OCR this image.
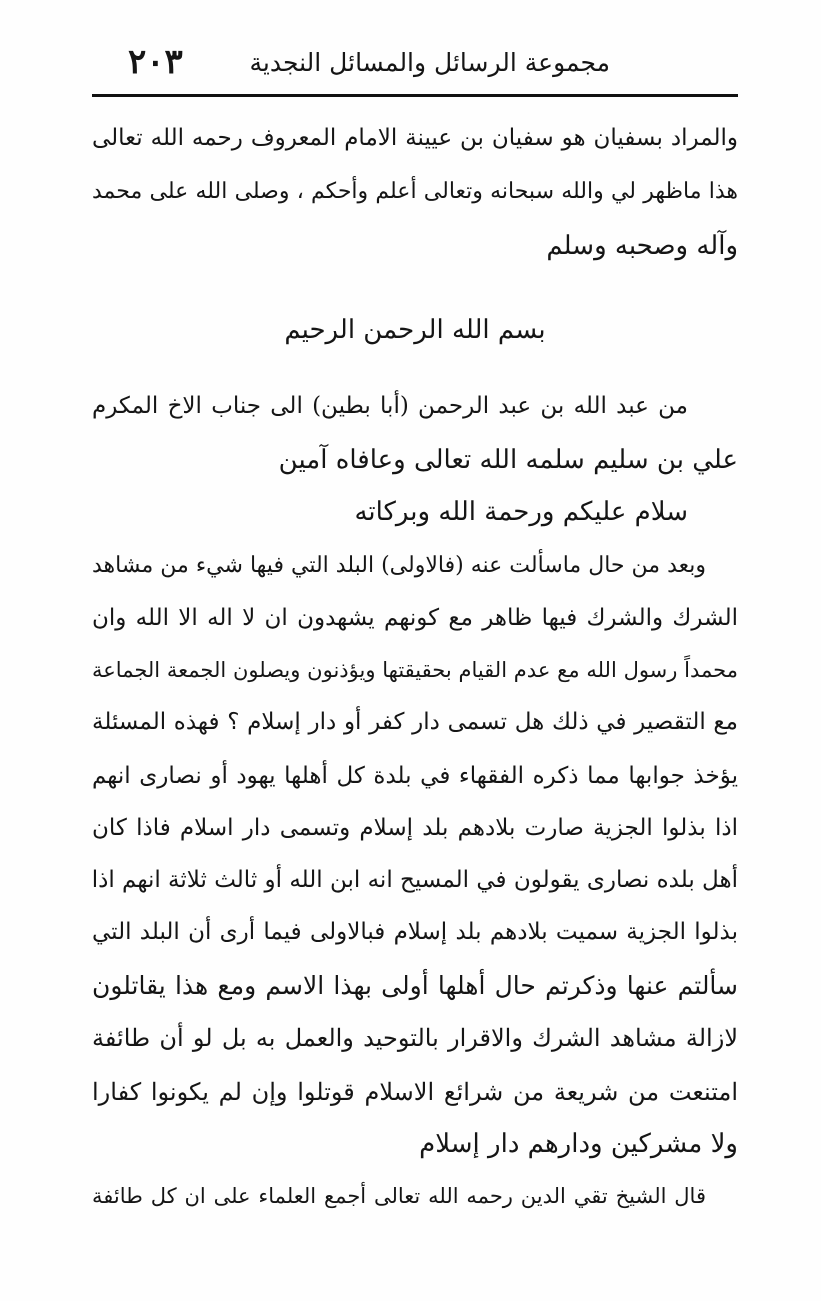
٢٠٣	مجموعة الرسائل والمسائل النجدية
والمراد بسفيان هو سفيان بن عيينة الامام المعروف رحمه الله تعالى
هذا ماظهر لي والله سبحانه وتعالى أعلم وأحكم ، وصلى الله على محمد
وآله وصحبه وسلم
بسم الله الرحمن الرحيم
من عبد الله بن عبد الرحمن (أبا بطين) الى جناب الاخ المكرم
علي بن سليم سلمه الله تعالى وعافاه آمين
سلام عليكم ورحمة الله وبركاته
وبعد من حال ماسألت عنه (فالاولى) البلد التي فيها شيء من مشاهد
الشرك والشرك فيها ظاهر مع كونهم يشهدون ان لا اله الا الله وان
محمداً رسول الله مع عدم القيام بحقيقتها ويؤذنون ويصلون الجمعة الجماعة
مع التقصير في ذلك هل تسمى دار كفر أو دار إسلام ؟ فهذه المسئلة
يؤخذ جوابها مما ذكره الفقهاء في بلدة كل أهلها يهود أو نصارى انهم
اذا بذلوا الجزية صارت بلادهم بلد إسلام وتسمى دار اسلام فاذا كان
أهل بلده نصارى يقولون في المسيح انه ابن الله أو ثالث ثلاثة انهم اذا
بذلوا الجزية سميت بلادهم بلد إسلام فبالاولى فيما أرى أن البلد التي
سألتم عنها وذكرتم حال أهلها أولى بهذا الاسم ومع هذا يقاتلون
لازالة مشاهد الشرك والاقرار بالتوحيد والعمل به بل لو أن طائفة
امتنعت من شريعة من شرائع الاسلام قوتلوا وإن لم يكونوا كفارا
ولا مشركين ودارهم دار إسلام
قال الشيخ تقي الدين رحمه الله تعالى أجمع العلماء على ان كل طائفة
